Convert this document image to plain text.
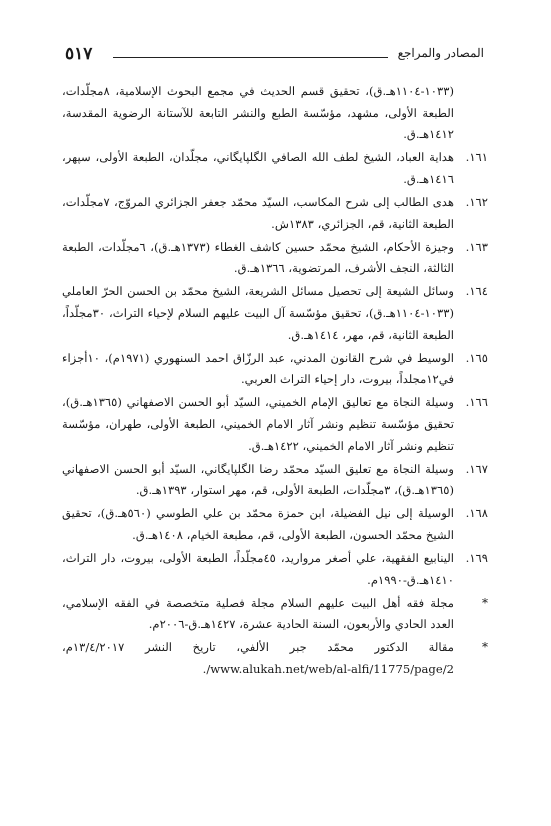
٥١٧	المصادر والمراجع
(١٠٣٣-١١٠٤هـ.ق)، تحقيق قسم الحديث في مجمع البحوث الإسلامية، ٨مجلّدات، الطبعة الأولى، مشهد، مؤسّسة الطبع والنشر التابعة للآستانة الرضوية المقدسة، ١٤١٢هـ.ق.
١٦١.
هداية العباد، الشيخ لطف الله الصافي الگلپايگاني، مجلّدان، الطبعة الأولى، سپهر، ١٤١٦هـ.ق.
١٦٢.
هدى الطالب إلى شرح المكاسب، السيّد محمّد جعفر الجزائري المروّج، ٧مجلّدات، الطبعة الثانية، قم، الجزائري، ١٣٨٣ش.
١٦٣.
وجيزة الأحكام، الشيخ محمّد حسين كاشف الغطاء (١٣٧٣هـ.ق)، ٦مجلّدات، الطبعة الثالثة، النجف الأشرف، المرتضوية، ١٣٦٦هـ.ق.
١٦٤.
وسائل الشيعة إلى تحصيل مسائل الشريعة، الشيخ محمّد بن الحسن الحرّ العاملي (١٠٣٣-١١٠٤هـ.ق)، تحقيق مؤسّسة آل البيت عليهم السلام لإحياء التراث، ٣٠مجلّداً، الطبعة الثانية، قم، مهر، ١٤١٤هـ.ق.
١٦٥.
الوسيط في شرح القانون المدني، عبد الرزّاق احمد السنهوري (١٩٧١م)، ١٠أجزاء في١٢مجلداً، بيروت، دار إحياء التراث العربي.
١٦٦.
وسيلة النجاة مع تعاليق الإمام الخميني، السيّد أبو الحسن الاصفهاني (١٣٦٥هـ.ق)، تحقيق مؤسّسة تنظيم ونشر آثار الامام الخميني، الطبعة الأولى، طهران، مؤسّسة تنظيم ونشر آثار الامام الخميني، ١٤٢٢هـ.ق.
١٦٧.
وسيلة النجاة مع تعليق السيّد محمّد رضا الگلپايگاني، السيّد أبو الحسن الاصفهاني (١٣٦٥هـ.ق)، ٣مجلّدات، الطبعة الأولى، قم، مهر استوار، ١٣٩٣هـ.ق.
١٦٨.
الوسيلة إلى نيل الفضيلة، ابن حمزة محمّد بن علي الطوسي (٥٦٠هـ.ق)، تحقيق الشيخ محمّد الحسون، الطبعة الأولى، قم، مطبعة الخيام، ١٤٠٨هـ.ق.
١٦٩.
الينابيع الفقهية، علي أصغر مرواريد، ٤٥مجلّداً، الطبعة الأولى، بيروت، دار التراث، ١٤١٠هـ.ق-١٩٩٠م.
*
مجلة فقه أهل البيت عليهم السلام مجلة فصلية متخصصة في الفقه الإسلامي، العدد الحادي والأربعون، السنة الحادية عشرة، ١٤٢٧هـ.ق-٢٠٠٦م.
*
مقالة الدكتور محمّد جبر الألفي، تاريخ النشر ١٣/٤/٢٠١٧م، www.alukah.net/web/al-alfi/11775/page/2/.
